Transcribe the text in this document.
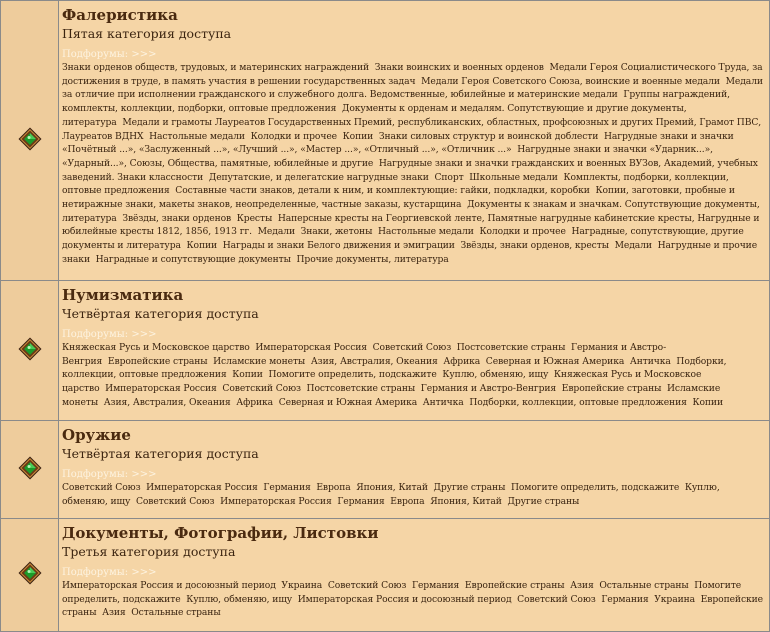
Фалеристика
Пятая категория доступа
Подфорумы: >>>
Знаки орденов обществ, трудовых, и материнских награждений Знаки воинских и военных орденов Медали Героя Социалистического Труда, за достижения в труде, в память участия в решении государственных задач Медали Героя Советского Союза, воинские и военные медали Медали за отличие при исполнении гражданского и служебного долга. Ведомственные, юбилейные и материнские медали Группы награждений, комплекты, коллекции, подборки, оптовые предложения Документы к орденам и медалям. Сопутствующие и другие документы, литература Медали и грамоты Лауреатов Государственных Премий, республиканских, областных, профсоюзных и других Премий, Грамот ПВС, Лауреатов ВДНХ Настольные медали Колодки и прочее Копии Знаки силовых структур и воинской доблести Нагрудные знаки и значки «Почётный ...», «Заслуженный ...», «Лучший ...», «Мастер ...», «Отличный ...», «Отличник ...» Нагрудные знаки и значки «Ударник...», «Ударный...», Союзы, Общества, памятные, юбилейные и другие Нагрудные знаки и значки гражданских и военных ВУЗов, Академий, учебных заведений. Знаки классности Депутатские, и делегатские нагрудные знаки Спорт Школьные медали Комплекты, подборки, коллекции, оптовые предложения Составные части знаков, детали к ним, и комплектующие: гайки, подкладки, коробки Копии, заготовки, пробные и нетиражные знаки, макеты знаков, неопределенные, частные заказы, кустарщина Документы к знакам и значкам. Сопутствующие документы, литература Звёзды, знаки орденов Кресты Наперсные кресты на Георгиевской ленте, Памятные нагрудные кабинетские кресты, Нагрудные и юбилейные кресты 1812, 1856, 1913 гг. Медали Знаки, жетоны Настольные медали Колодки и прочее Наградные, сопутствующие, другие документы и литература Копии Награды и знаки Белого движения и эмиграции Звёзды, знаки орденов, кресты Медали Нагрудные и прочие знаки Наградные и сопутствующие документы Прочие документы, литература

Нумизматика
Четвёртая категория доступа
Подфорумы: >>>
Княжеская Русь и Московское царство Императорская Россия Советский Союз Постсоветские страны Германия и Австро-Венгрия Европейские страны Исламские монеты Азия, Австралия, Океания Африка Северная и Южная Америка Античка Подборки, коллекции, оптовые предложения Копии Помогите определить, подскажите Куплю, обменяю, ищу Княжеская Русь и Московское царство Императорская Россия Советский Союз Постсоветские страны Германия и Австро-Венгрия Европейские страны Исламские монеты Азия, Австралия, Океания Африка Северная и Южная Америка Античка Подборки, коллекции, оптовые предложения Копии

Оружие
Четвёртая категория доступа
Подфорумы: >>>
Советский Союз Императорская Россия Германия Европа Япония, Китай Другие страны Помогите определить, подскажите Куплю, обменяю, ищу Советский Союз Императорская Россия Германия Европа Япония, Китай Другие страны

Документы, Фотографии, Листовки
Третья категория доступа
Подфорумы: >>>
Императорская Россия и досоюзный период Украина Советский Союз Германия Европейские страны Азия Остальные страны Помогите определить, подскажите Куплю, обменяю, ищу Императорская Россия и досоюзный период Советский Союз Германия Украина Европейские страны Азия Остальные страны
